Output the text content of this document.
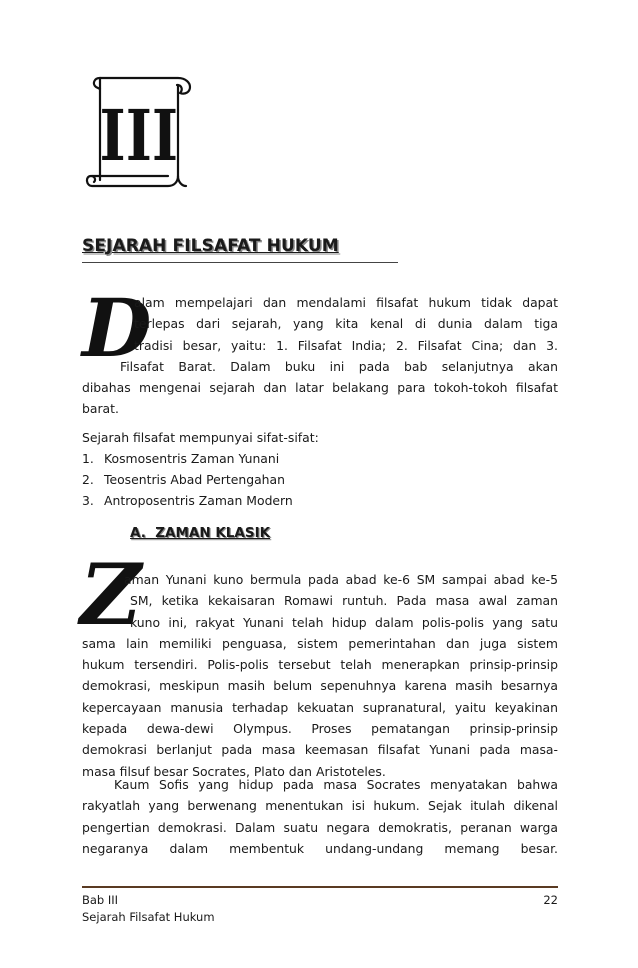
III
SEJARAH FILSAFAT HUKUM
D
alam mempelajari dan mendalami filsafat hukum tidak dapat
terlepas dari sejarah, yang kita kenal di dunia dalam tiga
tradisi besar, yaitu: 1. Filsafat India; 2. Filsafat Cina; dan 3.
Filsafat Barat. Dalam buku ini pada bab selanjutnya akan
dibahas mengenai sejarah dan latar belakang para tokoh-tokoh filsafat
barat.

Sejarah filsafat mempunyai sifat-sifat:

1. Kosmosentris Zaman Yunani
2. Teosentris Abad Pertengahan
3. Antroposentris Zaman Modern
A.  ZAMAN KLASIK
Z
aman Yunani kuno bermula pada abad ke-6 SM sampai abad ke-5
SM, ketika kekaisaran Romawi runtuh. Pada masa awal zaman
kuno ini, rakyat Yunani telah hidup dalam polis-polis yang satu
sama lain memiliki penguasa, sistem pemerintahan dan juga sistem
hukum tersendiri. Polis-polis tersebut telah menerapkan prinsip-prinsip
demokrasi, meskipun masih belum sepenuhnya karena masih besarnya
kepercayaan manusia terhadap kekuatan supranatural, yaitu keyakinan
kepada dewa-dewi Olympus. Proses pematangan prinsip-prinsip
demokrasi berlanjut pada masa keemasan filsafat Yunani pada masa-
masa filsuf besar Socrates, Plato dan Aristoteles.
Kaum Sofis yang hidup pada masa Socrates menyatakan bahwa
rakyatlah yang berwenang menentukan isi hukum. Sejak itulah dikenal
pengertian demokrasi. Dalam suatu negara demokratis, peranan warga
negaranya dalam membentuk undang-undang memang besar.
Bab III
Sejarah Filsafat Hukum
22
